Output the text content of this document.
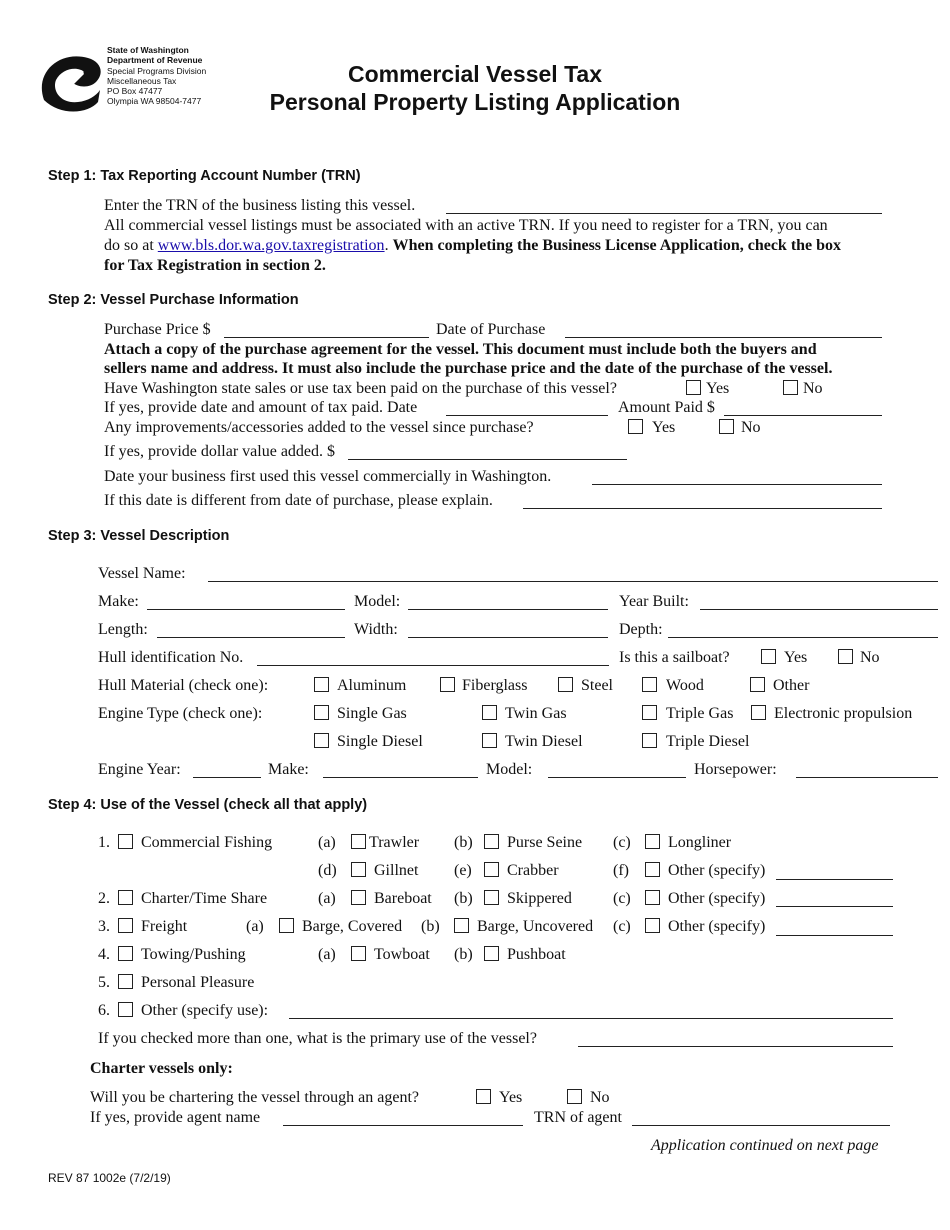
State of Washington
Department of Revenue
Special Programs Division
Miscellaneous Tax
PO Box 47477
Olympia WA 98504-7477
Commercial Vessel Tax
Personal Property Listing Application
Step 1: Tax Reporting Account Number (TRN)
Enter the TRN of the business listing this vessel.
All commercial vessel listings must be associated with an active TRN. If you need to register for a TRN, you can
do so at www.bls.dor.wa.gov.taxregistration. When completing the Business License Application, check the box
for Tax Registration in section 2.
Step 2: Vessel Purchase Information
Purchase Price $	Date of Purchase
Attach a copy of the purchase agreement for the vessel. This document must include both the buyers and
sellers name and address. It must also include the purchase price and the date of the purchase of the vessel.
Have Washington state sales or use tax been paid on the purchase of this vessel?	Yes	No
If yes, provide date and amount of tax paid. Date	Amount Paid $
Any improvements/accessories added to the vessel since purchase?	Yes	No
If yes, provide dollar value added. $
Date your business first used this vessel commercially in Washington.
If this date is different from date of purchase, please explain.
Step 3: Vessel Description
Vessel Name:
Make:	Model:	Year Built:
Length:	Width:	Depth:
Hull identification No.	Is this a sailboat?	Yes	No
Hull Material (check one):	Aluminum	Fiberglass	Steel	Wood	Other
Engine Type (check one):	Single Gas	Twin Gas	Triple Gas	Electronic propulsion
Single Diesel	Twin Diesel	Triple Diesel
Engine Year:	Make:	Model:	Horsepower:
Step 4: Use of the Vessel (check all that apply)
1. Commercial Fishing	(a) Trawler (b) Purse Seine (c) Longliner
(d) Gillnet (e) Crabber	(f) Other (specify)
2. Charter/Time Share	(a) Bareboat (b) Skippered	(c) Other (specify)
3. Freight	(a) Barge, Covered (b) Barge, Uncovered (c) Other (specify)
4. Towing/Pushing	(a) Towboat (b) Pushboat
5. Personal Pleasure
6. Other (specify use):
If you checked more than one, what is the primary use of the vessel?
Charter vessels only:
Will you be chartering the vessel through an agent?	Yes	No
If yes, provide agent name	TRN of agent
Application continued on next page
REV 87 1002e (7/2/19)
